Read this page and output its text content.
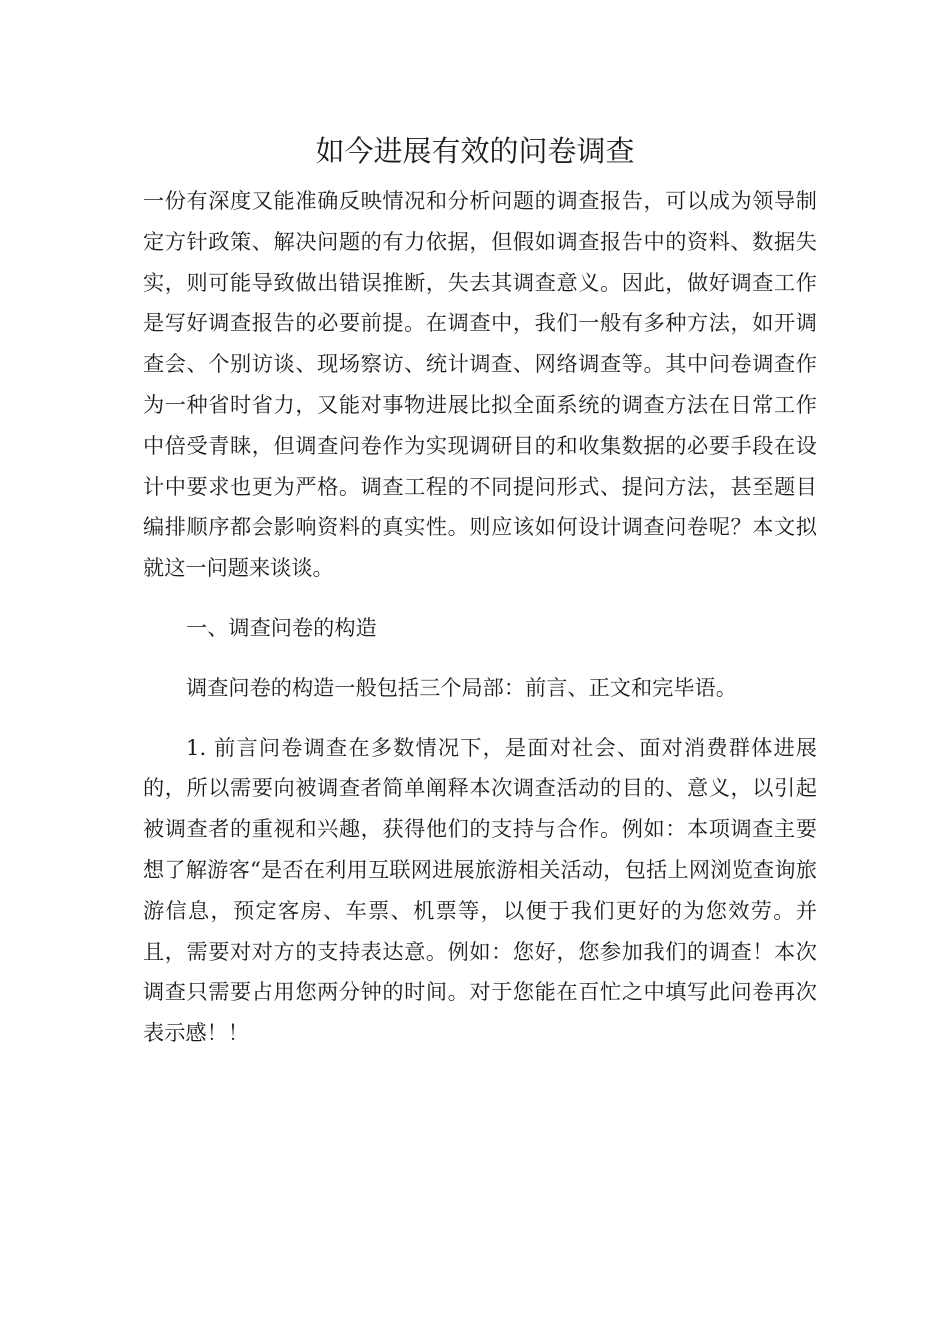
如今进展有效的问卷调查

一份有深度又能准确反映情况和分析问题的调查报告，可以成为领导制定方针政策、解决问题的有力依据，但假如调查报告中的资料、数据失实，则可能导致做出错误推断，失去其调查意义。因此，做好调查工作是写好调查报告的必要前提。在调查中，我们一般有多种方法，如开调查会、个别访谈、现场察访、统计调查、网络调查等。其中问卷调查作为一种省时省力，又能对事物进展比拟全面系统的调查方法在日常工作中倍受青睐，但调查问卷作为实现调研目的和收集数据的必要手段在设计中要求也更为严格。调查工程的不同提问形式、提问方法，甚至题目编排顺序都会影响资料的真实性。则应该如何设计调查问卷呢？本文拟就这一问题来谈谈。

一、调查问卷的构造

调查问卷的构造一般包括三个局部：前言、正文和完毕语。

1. 前言问卷调查在多数情况下，是面对社会、面对消费群体进展的，所以需要向被调查者简单阐释本次调查活动的目的、意义，以引起被调查者的重视和兴趣，获得他们的支持与合作。例如：本项调查主要想了解游客“是否在利用互联网进展旅游相关活动，包括上网浏览查询旅游信息，预定客房、车票、机票等，以便于我们更好的为您效劳。并且，需要对对方的支持表达意。例如：您好，您参加我们的调查！本次调查只需要占用您两分钟的时间。对于您能在百忙之中填写此问卷再次表示感！！
